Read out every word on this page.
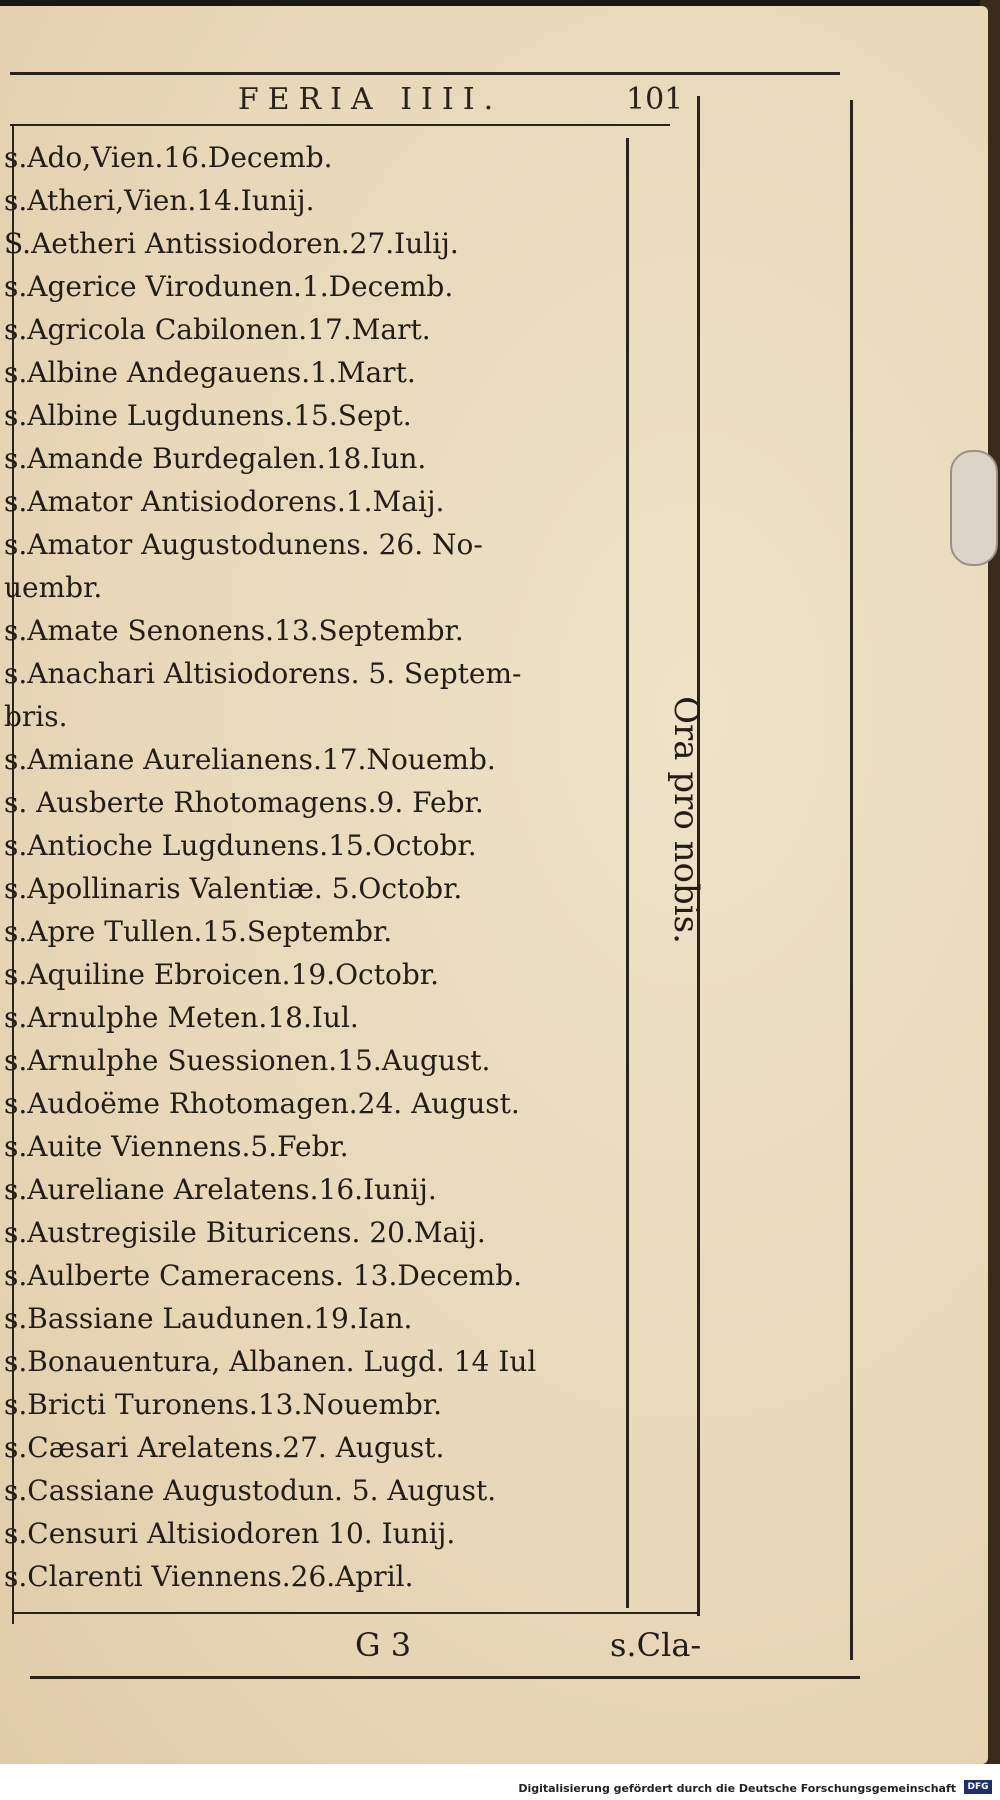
FERIA IIII.	101
s.Ado,Vien.16.Decemb.
s.Atheri,Vien.14.Iunij.
S.Aetheri Antissiodoren.27.Iulij.
s.Agerice Virodunen.1.Decemb.
s.Agricola Cabilonen.17.Mart.
s.Albine Andegauens.1.Mart.
s.Albine Lugdunens.15.Sept.
s.Amande Burdegalen.18.Iun.
s.Amator Antisiodorens.1.Maij.
s.Amator Augustodunens. 26. No-
uembr.
s.Amate Senonens.13.Septembr.
s.Anachari Altisiodorens. 5. Septem-
bris.
s.Amiane Aurelianens.17.Nouemb.
s. Ausberte Rhotomagens.9. Febr.
s.Antioche Lugdunens.15.Octobr.
s.Apollinaris Valentiæ. 5.Octobr.
s.Apre Tullen.15.Septembr.
s.Aquiline Ebroicen.19.Octobr.
s.Arnulphe Meten.18.Iul.
s.Arnulphe Suessionen.15.August.
s.Audoëme Rhotomagen.24. August.
s.Auite Viennens.5.Febr.
s.Aureliane Arelatens.16.Iunij.
s.Austregisile Bituricens. 20.Maij.
s.Aulberte Cameracens. 13.Decemb.
s.Bassiane Laudunen.19.Ian.
s.Bonauentura, Albanen. Lugd. 14 Iul
s.Bricti Turonens.13.Nouembr.
s.Cæsari Arelatens.27. August.
s.Cassiane Augustodun. 5. August.
s.Censuri Altisiodoren 10. Iunij.
s.Clarenti Viennens.26.April.
Ora pro nobis.
G 3	s.Cla-
Digitalisierung gefördert durch die Deutsche Forschungsgemeinschaft	DFG
